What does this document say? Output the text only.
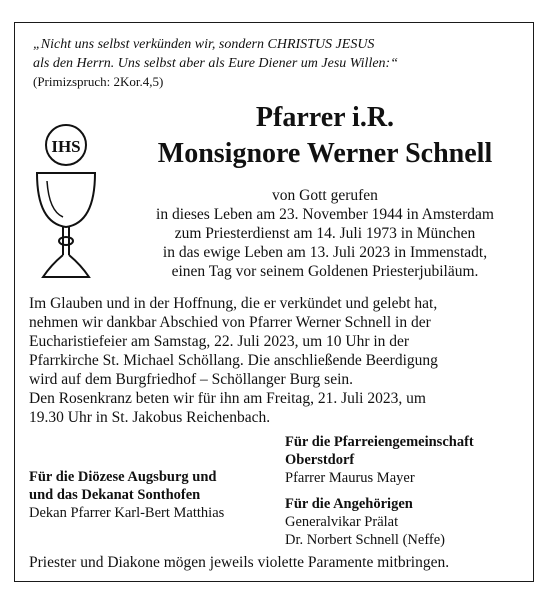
„Nicht uns selbst verkünden wir, sondern CHRISTUS JESUS
als den Herrn. Uns selbst aber als Eure Diener um Jesu Willen:“
(Primizspruch: 2Kor.4,5)
IHS
Pfarrer i.R.
Monsignore Werner Schnell
von Gott gerufen
in dieses Leben am 23. November 1944 in Amsterdam
zum Priesterdienst am 14. Juli 1973 in München
in das ewige Leben am 13. Juli 2023 in Immenstadt,
einen Tag vor seinem Goldenen Priesterjubiläum.
Im Glauben und in der Hoffnung, die er verkündet und gelebt hat,
nehmen wir dankbar Abschied von Pfarrer Werner Schnell in der
Eucharistiefeier am Samstag, 22. Juli 2023, um 10 Uhr in der
Pfarrkirche St. Michael Schöllang. Die anschließende Beerdigung
wird auf dem Burgfriedhof – Schöllanger Burg sein.
Den Rosenkranz beten wir für ihn am Freitag, 21. Juli 2023, um
19.30 Uhr in St. Jakobus Reichenbach.
Für die Diözese Augsburg und
und das Dekanat Sonthofen
Dekan Pfarrer Karl-Bert Matthias
Für die Pfarreiengemeinschaft
Oberstdorf
Pfarrer Maurus Mayer
Für die Angehörigen
Generalvikar Prälat
Dr. Norbert Schnell (Neffe)
Priester und Diakone mögen jeweils violette Paramente mitbringen.
